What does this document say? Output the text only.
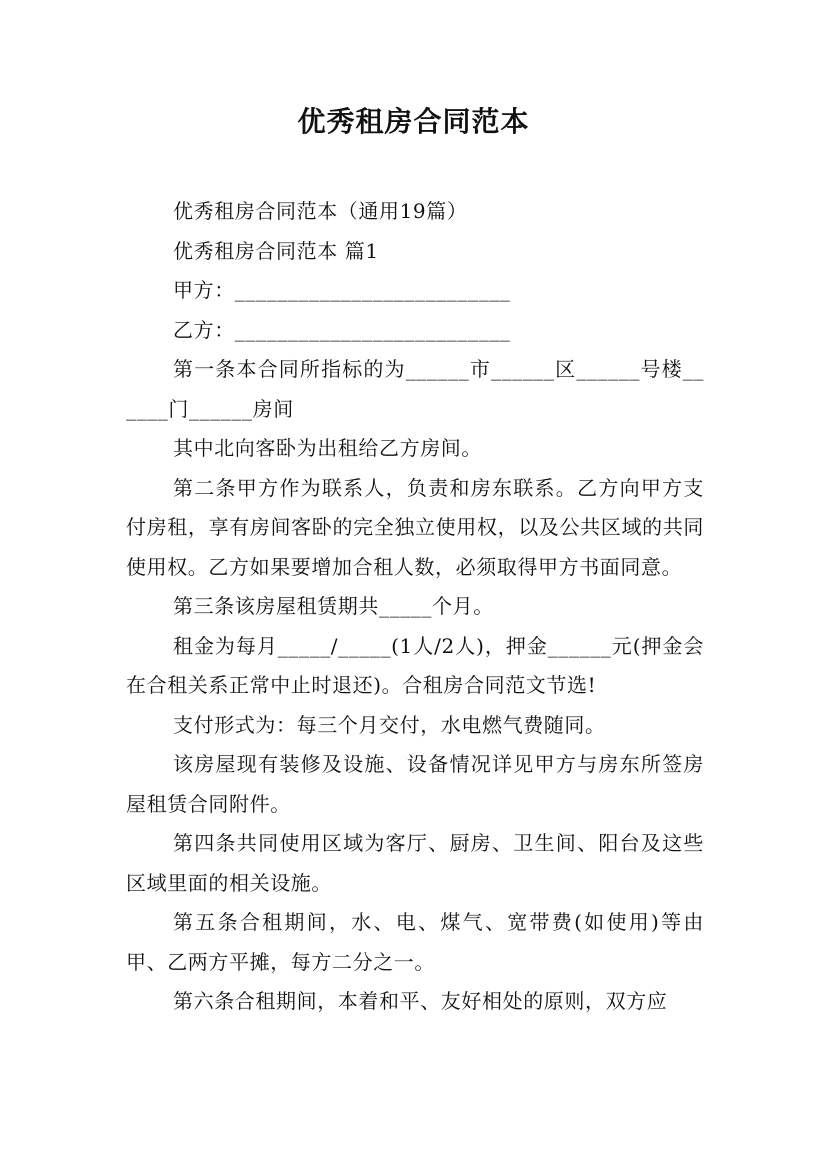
优秀租房合同范本

优秀租房合同范本（通用19篇）

优秀租房合同范本 篇1

甲方：__________________________

乙方：__________________________

第一条本合同所指标的为______市______区______号楼______门______房间

其中北向客卧为出租给乙方房间。

第二条甲方作为联系人，负责和房东联系。乙方向甲方支付房租，享有房间客卧的完全独立使用权，以及公共区域的共同使用权。乙方如果要增加合租人数，必须取得甲方书面同意。

第三条该房屋租赁期共_____个月。

租金为每月_____/_____(1人/2人)，押金______元(押金会在合租关系正常中止时退还)。合租房合同范文节选!

支付形式为：每三个月交付，水电燃气费随同。

该房屋现有装修及设施、设备情况详见甲方与房东所签房屋租赁合同附件。

第四条共同使用区域为客厅、厨房、卫生间、阳台及这些区域里面的相关设施。

第五条合租期间，水、电、煤气、宽带费(如使用)等由甲、乙两方平摊，每方二分之一。

第六条合租期间，本着和平、友好相处的原则，双方应
